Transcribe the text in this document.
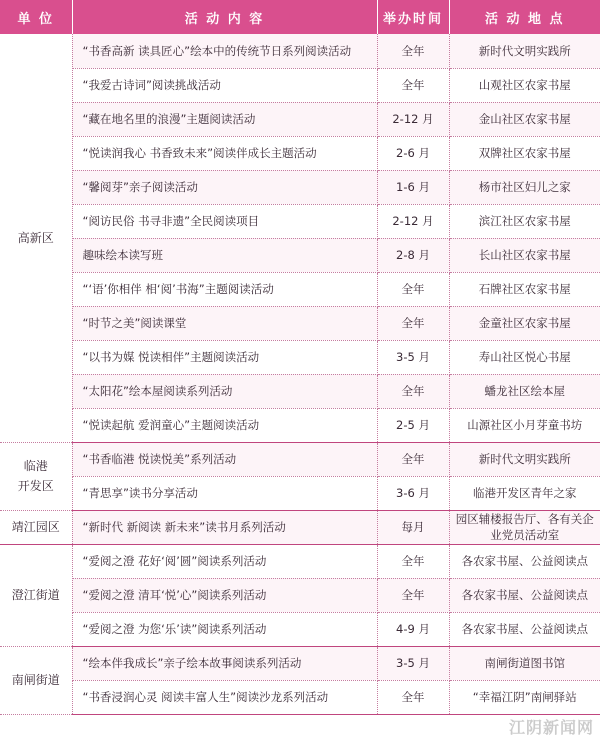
单 位	活 动 内 容	举办时间	活 动 地 点
高新区	“书香高新 读具匠心”绘本中的传统节日系列阅读活动	全年	新时代文明实践所
	“我爱古诗词”阅读挑战活动	全年	山观社区农家书屋
	“藏在地名里的浪漫”主题阅读活动	2-12 月	金山社区农家书屋
	“悦读润我心 书香致未来”阅读伴成长主题活动	2-6 月	双牌社区农家书屋
	“馨阅芽”亲子阅读活动	1-6 月	杨市社区妇儿之家
	“阅访民俗 书寻非遗”全民阅读项目	2-12 月	滨江社区农家书屋
	趣味绘本读写班	2-8 月	长山社区农家书屋
	“‘语’你相伴 相‘阅’书海”主题阅读活动	全年	石牌社区农家书屋
	“时节之美”阅读课堂	全年	金童社区农家书屋
	“以书为媒 悦读相伴”主题阅读活动	3-5 月	寿山社区悦心书屋
	“太阳花”绘本屋阅读系列活动	全年	蟠龙社区绘本屋
	“悦读起航 爱润童心”主题阅读活动	2-5 月	山源社区小月芽童书坊
临港
开发区	“书香临港 悦读悦美”系列活动	全年	新时代文明实践所
	“青思享”读书分享活动	3-6 月	临港开发区青年之家
靖江园区	“新时代 新阅读 新未来”读书月系列活动	每月	园区辅楼报告厅、各有关企业党员活动室
澄江街道	“爱阅之澄 花好‘阅’圆”阅读系列活动	全年	各农家书屋、公益阅读点
	“爱阅之澄 清耳‘悦’心”阅读系列活动	全年	各农家书屋、公益阅读点
	“爱阅之澄 为您‘乐’读”阅读系列活动	4-9 月	各农家书屋、公益阅读点
南闸街道	“绘本伴我成长”亲子绘本故事阅读系列活动	3-5 月	南闸街道图书馆
	“书香浸润心灵 阅读丰富人生”阅读沙龙系列活动	全年	“幸福江阴”南闸驿站
江阴新闻网
